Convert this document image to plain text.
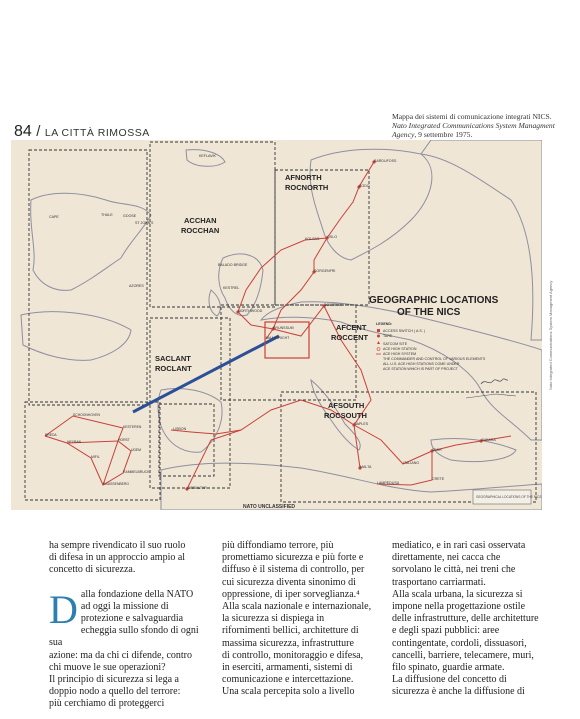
84 / LA CITTÀ RIMOSSA
Mappa dei sistemi di comunicazione integrati NICS. Nato Integrated Communications System Managment Agency, 9 settembre 1975.
KEFLAVIK
THULE
CAPE	GOOSE
ST JOHN'S
AZORES
BARDUFOSS
BODO
OSLO
KOLSAS
SORGENFRI
BALADO BRIDGE
NORTHWOOD
KESTREL
BRUNSSUM
MAASTRICHT
BOERFINK
NAPLES
LISBON
GIBRALTAR
ANKARA
IZMIR
ITALIANO
CRETE
MALTA
LAMPEDUSA
SCHOONHOVEN
KESTEREN
BREDA
HEYRAN	HORST
UDEM
MIFIL
RAMMELBRUCK
RAUSSENBERG
AFNORTH
ROCNORTH
ACCHAN
ROCCHAN
AFCENT
ROCCENT
SACLANT
ROCLANT
AFSOUTH
ROCSOUTH
GEOGRAPHIC LOCATIONS
OF THE NICS
LEGEND:
ACCESS SWITCH ( A.S. )
TARE
SATCOM SITE
ACE HIGH STATION
ACE HIGH SYSTEM
THE COMMANDER AND CONTROL OF VARIOUS ELEMENTS
ALL U.S. ACE HIGH STATIONS COME UNDER
ACE STATION WHICH IS PART OF PROJECT
GEOGRAPHICAL LOCATIONS OF THE NICS
NATO UNCLASSIFIED
Nato Integrated Communications System Managment Agency

ha sempre rivendicato il suo ruolo

di difesa in un approccio ampio al

concetto di sicurezza.

D alla fondazione della NATO

ad oggi la missione di

protezione e salvaguardia

echeggia sullo sfondo di ogni sua

azione: ma da chi ci difende, contro

chi muove le sue operazioni?

Il principio di sicurezza si lega a

doppio nodo a quello del terrore:

più cerchiamo di proteggerci

più diffondiamo terrore, più

promettiamo sicurezza e più forte e

diffuso è il sistema di controllo, per

cui sicurezza diventa sinonimo di

oppressione, di iper sorveglianza.⁴

Alla scala nazionale e internazionale,

la sicurezza si dispiega in

rifornimenti bellici, architetture di

massima sicurezza, infrastrutture

di controllo, monitoraggio e difesa,

in eserciti, armamenti, sistemi di

comunicazione e intercettazione.

Una scala percepita solo a livello

mediatico, e in rari casi osservata

direttamente, nei cacca che

sorvolano le città, nei treni che

trasportano carriarmati.

Alla scala urbana, la sicurezza si

impone nella progettazione ostile

delle infrastrutture, delle architetture

e degli spazi pubblici: aree

contingentate, cordoli, dissuasori,

cancelli, barriere, telecamere, muri,

filo spinato, guardie armate.

La diffusione del concetto di

sicurezza è anche la diffusione di
